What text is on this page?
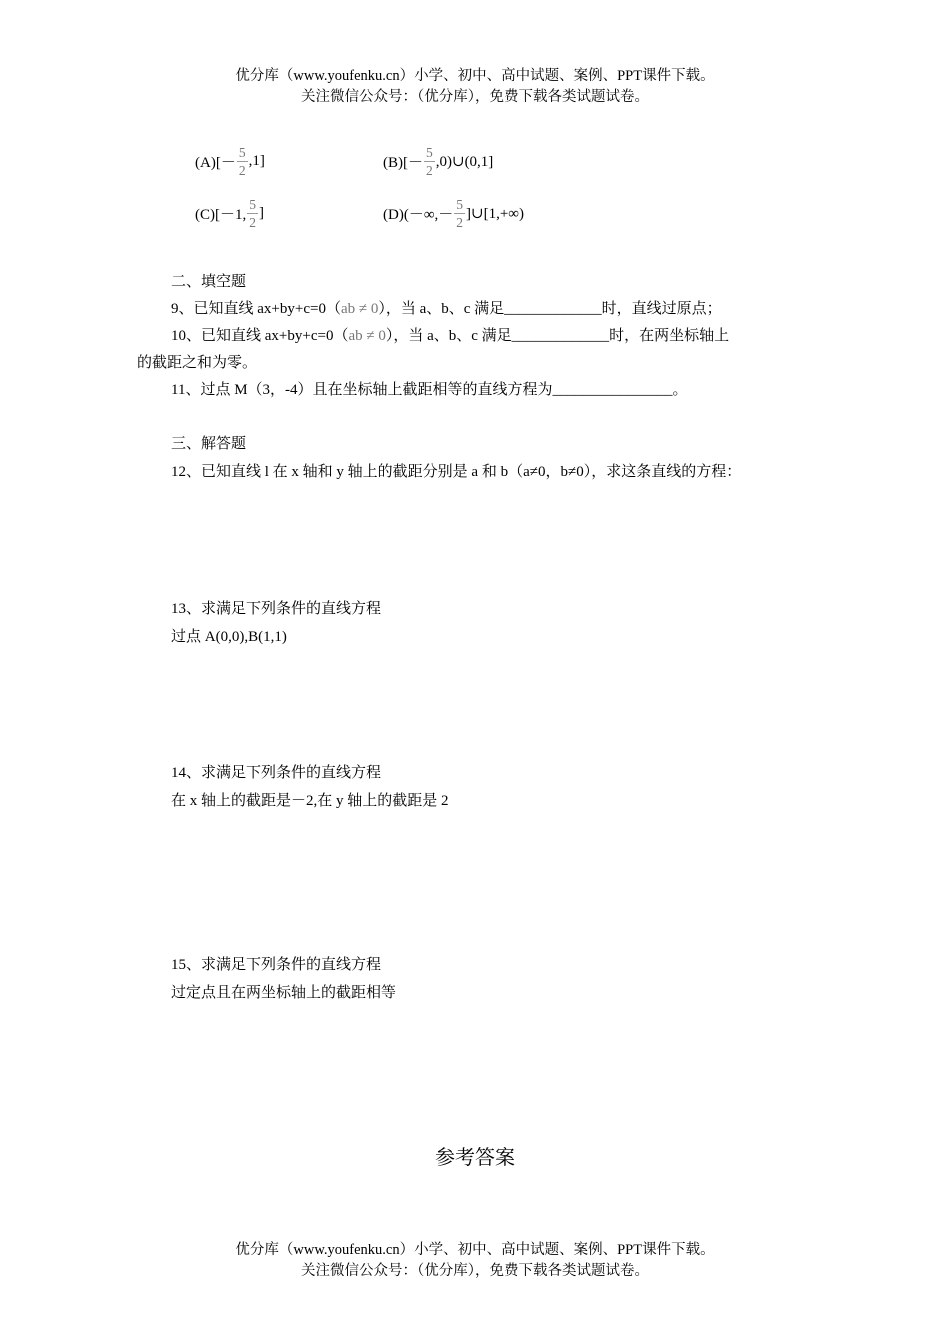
优分库（www.youfenku.cn）小学、初中、高中试题、案例、PPT课件下载。
关注微信公众号：（优分库），免费下载各类试题试卷。
$(A)[- \frac{5}{2} ,1]$	$(B)[- \frac{5}{2}$ ,0)∪(0,1]
(C)[－1, $\frac{5}{2}$ ]	$(D)(-\infty,- \frac{5}{2}$ ]∪[1,+∞)
二、填空题
9、已知直线 ax+by+c=0（ab ≠ 0），当 a、b、c 满足_____________时，直线过原点；
10、已知直线 ax+by+c=0（ab ≠ 0），当 a、b、c 满足_____________时，在两坐标轴上
的截距之和为零。
11、过点 M（3，-4）且在坐标轴上截距相等的直线方程为________________。
三、解答题
12、已知直线 l 在 x 轴和 y 轴上的截距分别是 a 和 b（a≠0，b≠0），求这条直线的方程：
13、求满足下列条件的直线方程
过点 A(0,0),B(1,1)
14、求满足下列条件的直线方程
在 x 轴上的截距是－2,在 y 轴上的截距是 2
15、求满足下列条件的直线方程
过定点且在两坐标轴上的截距相等
参考答案
优分库（www.youfenku.cn）小学、初中、高中试题、案例、PPT课件下载。
关注微信公众号：（优分库），免费下载各类试题试卷。
